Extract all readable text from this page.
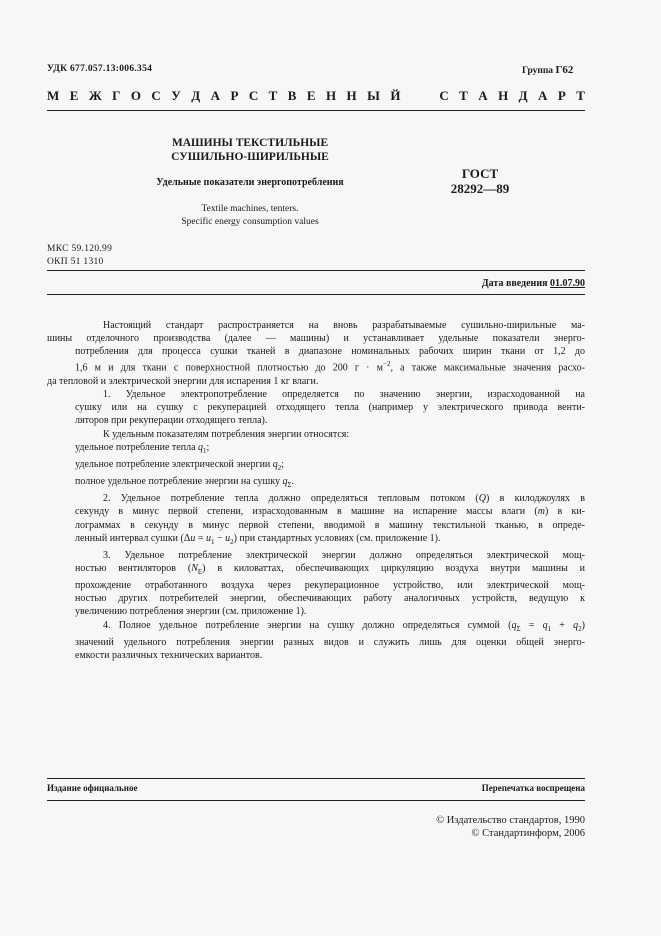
УДК 677.057.13:006.354	Группа Г62
М Е Ж Г О С У Д А Р С Т В Е Н Н Ы Й	С Т А Н Д А Р Т
МАШИНЫ ТЕКСТИЛЬНЫЕ
СУШИЛЬНО-ШИРИЛЬНЫЕ
Удельные показатели энергопотребления
Textile machines, tenters.
Specific energy consumption values
ГОСТ
28292—89
МКС 59.120.99
ОКП 51 1310
Дата введения 01.07.90

Настоящий стандарт распространяется на вновь разрабатываемые сушильно-ширильные ма-
шины отделочного производства (далее — машины) и устанавливает удельные показатели энерго-
потребления для процесса сушки тканей в диапазоне номинальных рабочих ширин ткани от 1,2 до
1,6 м и для ткани с поверхностной плотностью до 200 $г \cdot м^{-2}$, а также максимальные значения расхо-
да тепловой и электрической энергии для испарения 1 кг влаги.

1. Удельное электропотребление определяется по значению энергии, израсходованной на
сушку или на сушку с рекуперацией отходящего тепла (например у электрического привода венти-
ляторов при рекуперации отходящего тепла).

К удельным показателям потребления энергии относятся:
удельное потребление тепла $q_1$;
удельное потребление электрической энергии $q_2$;
полное удельное потребление энергии на сушку $q_\Sigma$.

2. Удельное потребление тепла должно определяться тепловым потоком (Q) в килоджоулях в
секунду в минус первой степени, израсходованным в машине на испарение массы влаги (m) в ки-
лограммах в секунду в минус первой степени, вводимой в машину текстильной тканью, в опреде-
ленный интервал сушки $(\Delta u = u_1 - u_2)$ при стандартных условиях (см. приложение 1).

3. Удельное потребление электрической энергии должно определяться электрической мощ-
ностью вентиляторов $(N_E)$ в киловаттах, обеспечивающих циркуляцию воздуха внутри машины и
прохождение отработанного воздуха через рекуперационное устройство, или электрической мощ-
ностью других потребителей энергии, обеспечивающих работу аналогичных устройств, ведущую к
увеличению потребления энергии (см. приложение 1).

4. Полное удельное потребление энергии на сушку должно определяться суммой $(q_\Sigma = q_1 + q_2)$
значений удельного потребления энергии разных видов и служить лишь для оценки общей энерго-
емкости различных технических вариантов.

Издание официальное	Перепечатка воспрещена
© Издательство стандартов, 1990
© Стандартинформ, 2006
